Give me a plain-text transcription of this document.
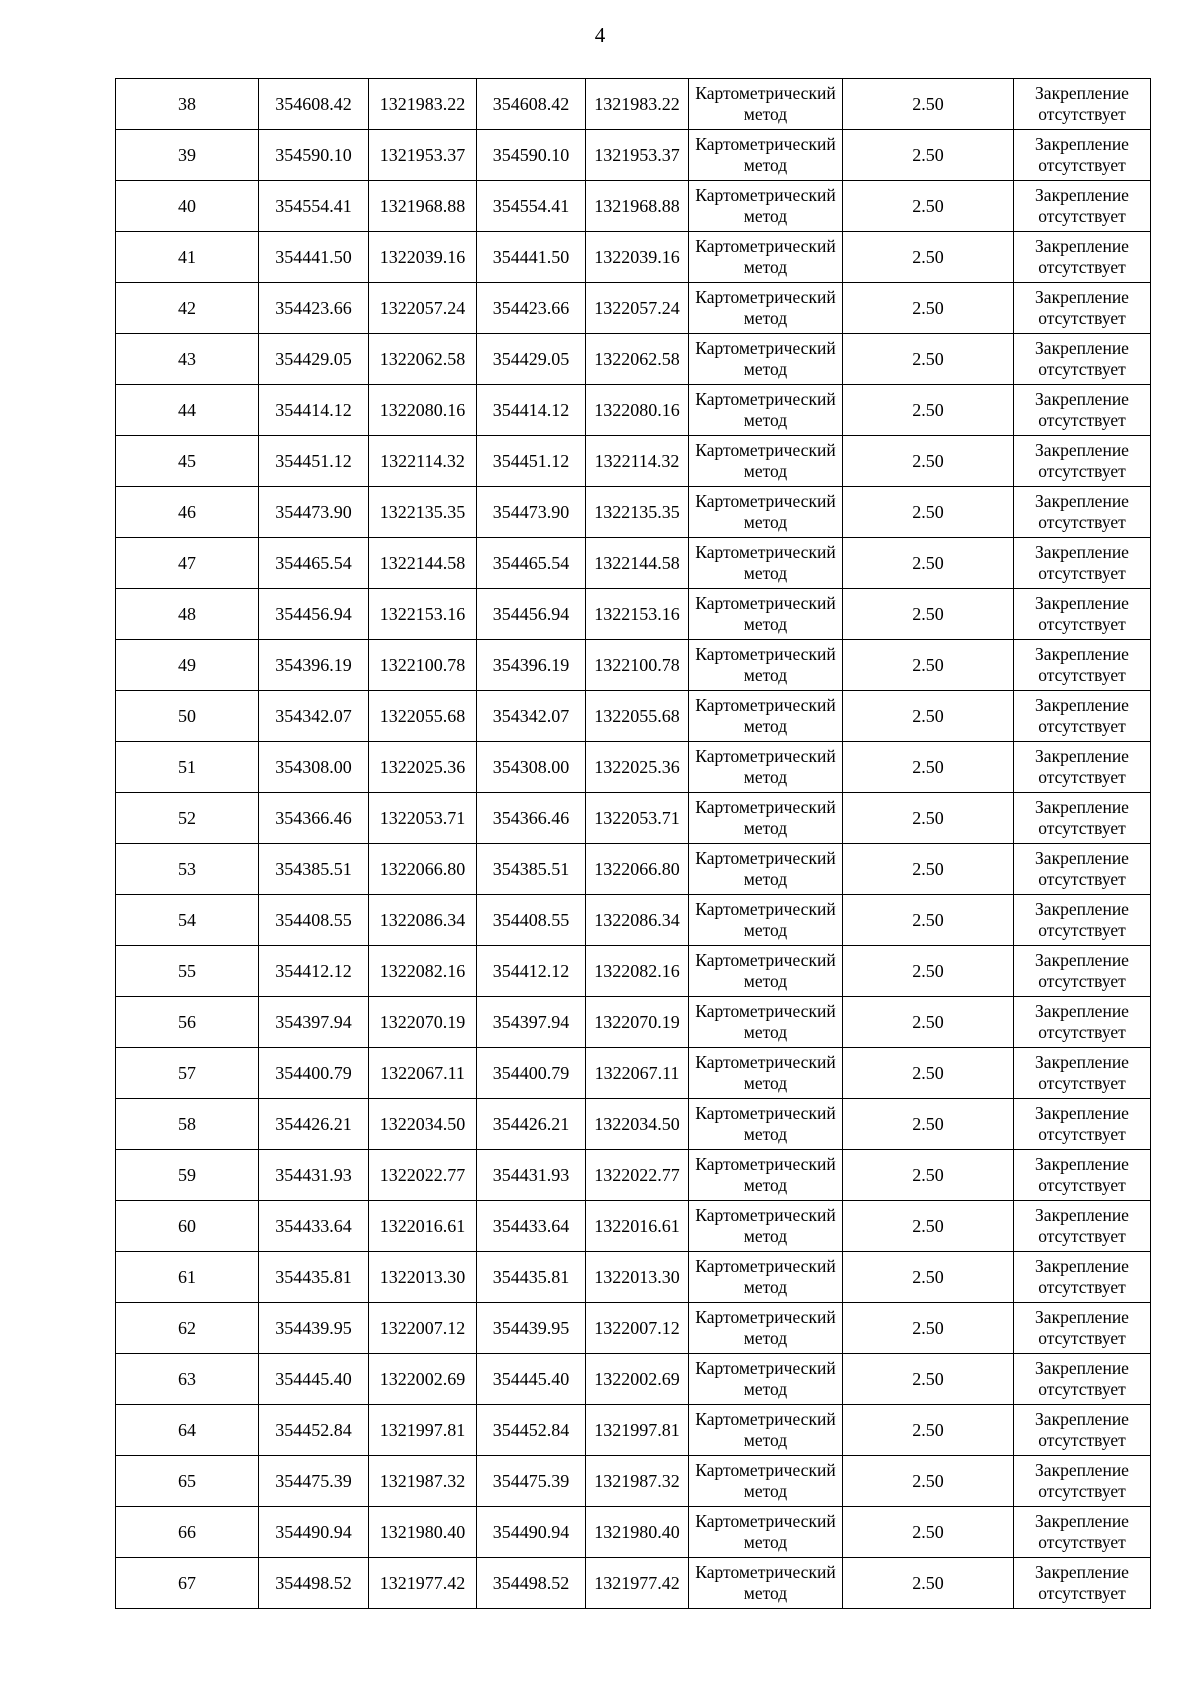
4
38	354608.42	1321983.22	354608.42	1321983.22	Картометрический метод	2.50	Закрепление отсутствует
39	354590.10	1321953.37	354590.10	1321953.37	Картометрический метод	2.50	Закрепление отсутствует
40	354554.41	1321968.88	354554.41	1321968.88	Картометрический метод	2.50	Закрепление отсутствует
41	354441.50	1322039.16	354441.50	1322039.16	Картометрический метод	2.50	Закрепление отсутствует
42	354423.66	1322057.24	354423.66	1322057.24	Картометрический метод	2.50	Закрепление отсутствует
43	354429.05	1322062.58	354429.05	1322062.58	Картометрический метод	2.50	Закрепление отсутствует
44	354414.12	1322080.16	354414.12	1322080.16	Картометрический метод	2.50	Закрепление отсутствует
45	354451.12	1322114.32	354451.12	1322114.32	Картометрический метод	2.50	Закрепление отсутствует
46	354473.90	1322135.35	354473.90	1322135.35	Картометрический метод	2.50	Закрепление отсутствует
47	354465.54	1322144.58	354465.54	1322144.58	Картометрический метод	2.50	Закрепление отсутствует
48	354456.94	1322153.16	354456.94	1322153.16	Картометрический метод	2.50	Закрепление отсутствует
49	354396.19	1322100.78	354396.19	1322100.78	Картометрический метод	2.50	Закрепление отсутствует
50	354342.07	1322055.68	354342.07	1322055.68	Картометрический метод	2.50	Закрепление отсутствует
51	354308.00	1322025.36	354308.00	1322025.36	Картометрический метод	2.50	Закрепление отсутствует
52	354366.46	1322053.71	354366.46	1322053.71	Картометрический метод	2.50	Закрепление отсутствует
53	354385.51	1322066.80	354385.51	1322066.80	Картометрический метод	2.50	Закрепление отсутствует
54	354408.55	1322086.34	354408.55	1322086.34	Картометрический метод	2.50	Закрепление отсутствует
55	354412.12	1322082.16	354412.12	1322082.16	Картометрический метод	2.50	Закрепление отсутствует
56	354397.94	1322070.19	354397.94	1322070.19	Картометрический метод	2.50	Закрепление отсутствует
57	354400.79	1322067.11	354400.79	1322067.11	Картометрический метод	2.50	Закрепление отсутствует
58	354426.21	1322034.50	354426.21	1322034.50	Картометрический метод	2.50	Закрепление отсутствует
59	354431.93	1322022.77	354431.93	1322022.77	Картометрический метод	2.50	Закрепление отсутствует
60	354433.64	1322016.61	354433.64	1322016.61	Картометрический метод	2.50	Закрепление отсутствует
61	354435.81	1322013.30	354435.81	1322013.30	Картометрический метод	2.50	Закрепление отсутствует
62	354439.95	1322007.12	354439.95	1322007.12	Картометрический метод	2.50	Закрепление отсутствует
63	354445.40	1322002.69	354445.40	1322002.69	Картометрический метод	2.50	Закрепление отсутствует
64	354452.84	1321997.81	354452.84	1321997.81	Картометрический метод	2.50	Закрепление отсутствует
65	354475.39	1321987.32	354475.39	1321987.32	Картометрический метод	2.50	Закрепление отсутствует
66	354490.94	1321980.40	354490.94	1321980.40	Картометрический метод	2.50	Закрепление отсутствует
67	354498.52	1321977.42	354498.52	1321977.42	Картометрический метод	2.50	Закрепление отсутствует
